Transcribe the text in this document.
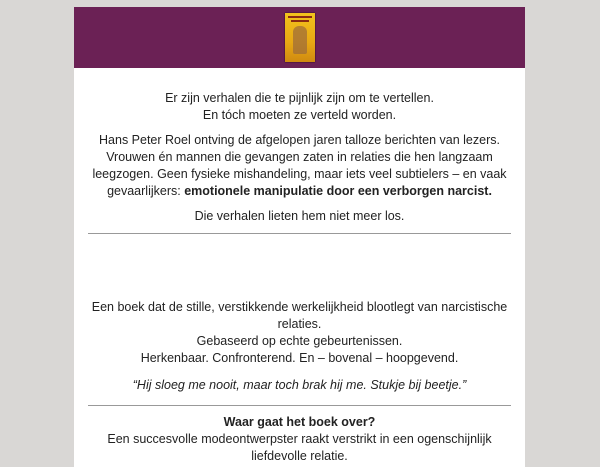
Er zijn verhalen die te pijnlijk zijn om te vertellen.
En tóch moeten ze verteld worden.

Hans Peter Roel ontving de afgelopen jaren talloze berichten van lezers. Vrouwen én mannen die gevangen zaten in relaties die hen langzaam leegzogen. Geen fysieke mishandeling, maar iets veel subtielers – en vaak gevaarlijkers: emotionele manipulatie door een verborgen narcist.

Die verhalen lieten hem niet meer los.

Een boek dat de stille, verstikkende werkelijkheid blootlegt van narcistische relaties.
Gebaseerd op echte gebeurtenissen.
Herkenbaar. Confronterend. En – bovenal – hoopgevend.

“Hij sloeg me nooit, maar toch brak hij me. Stukje bij beetje.”

Waar gaat het boek over?
Een succesvolle modeontwerpster raakt verstrikt in een ogenschijnlijk liefdevolle relatie.
